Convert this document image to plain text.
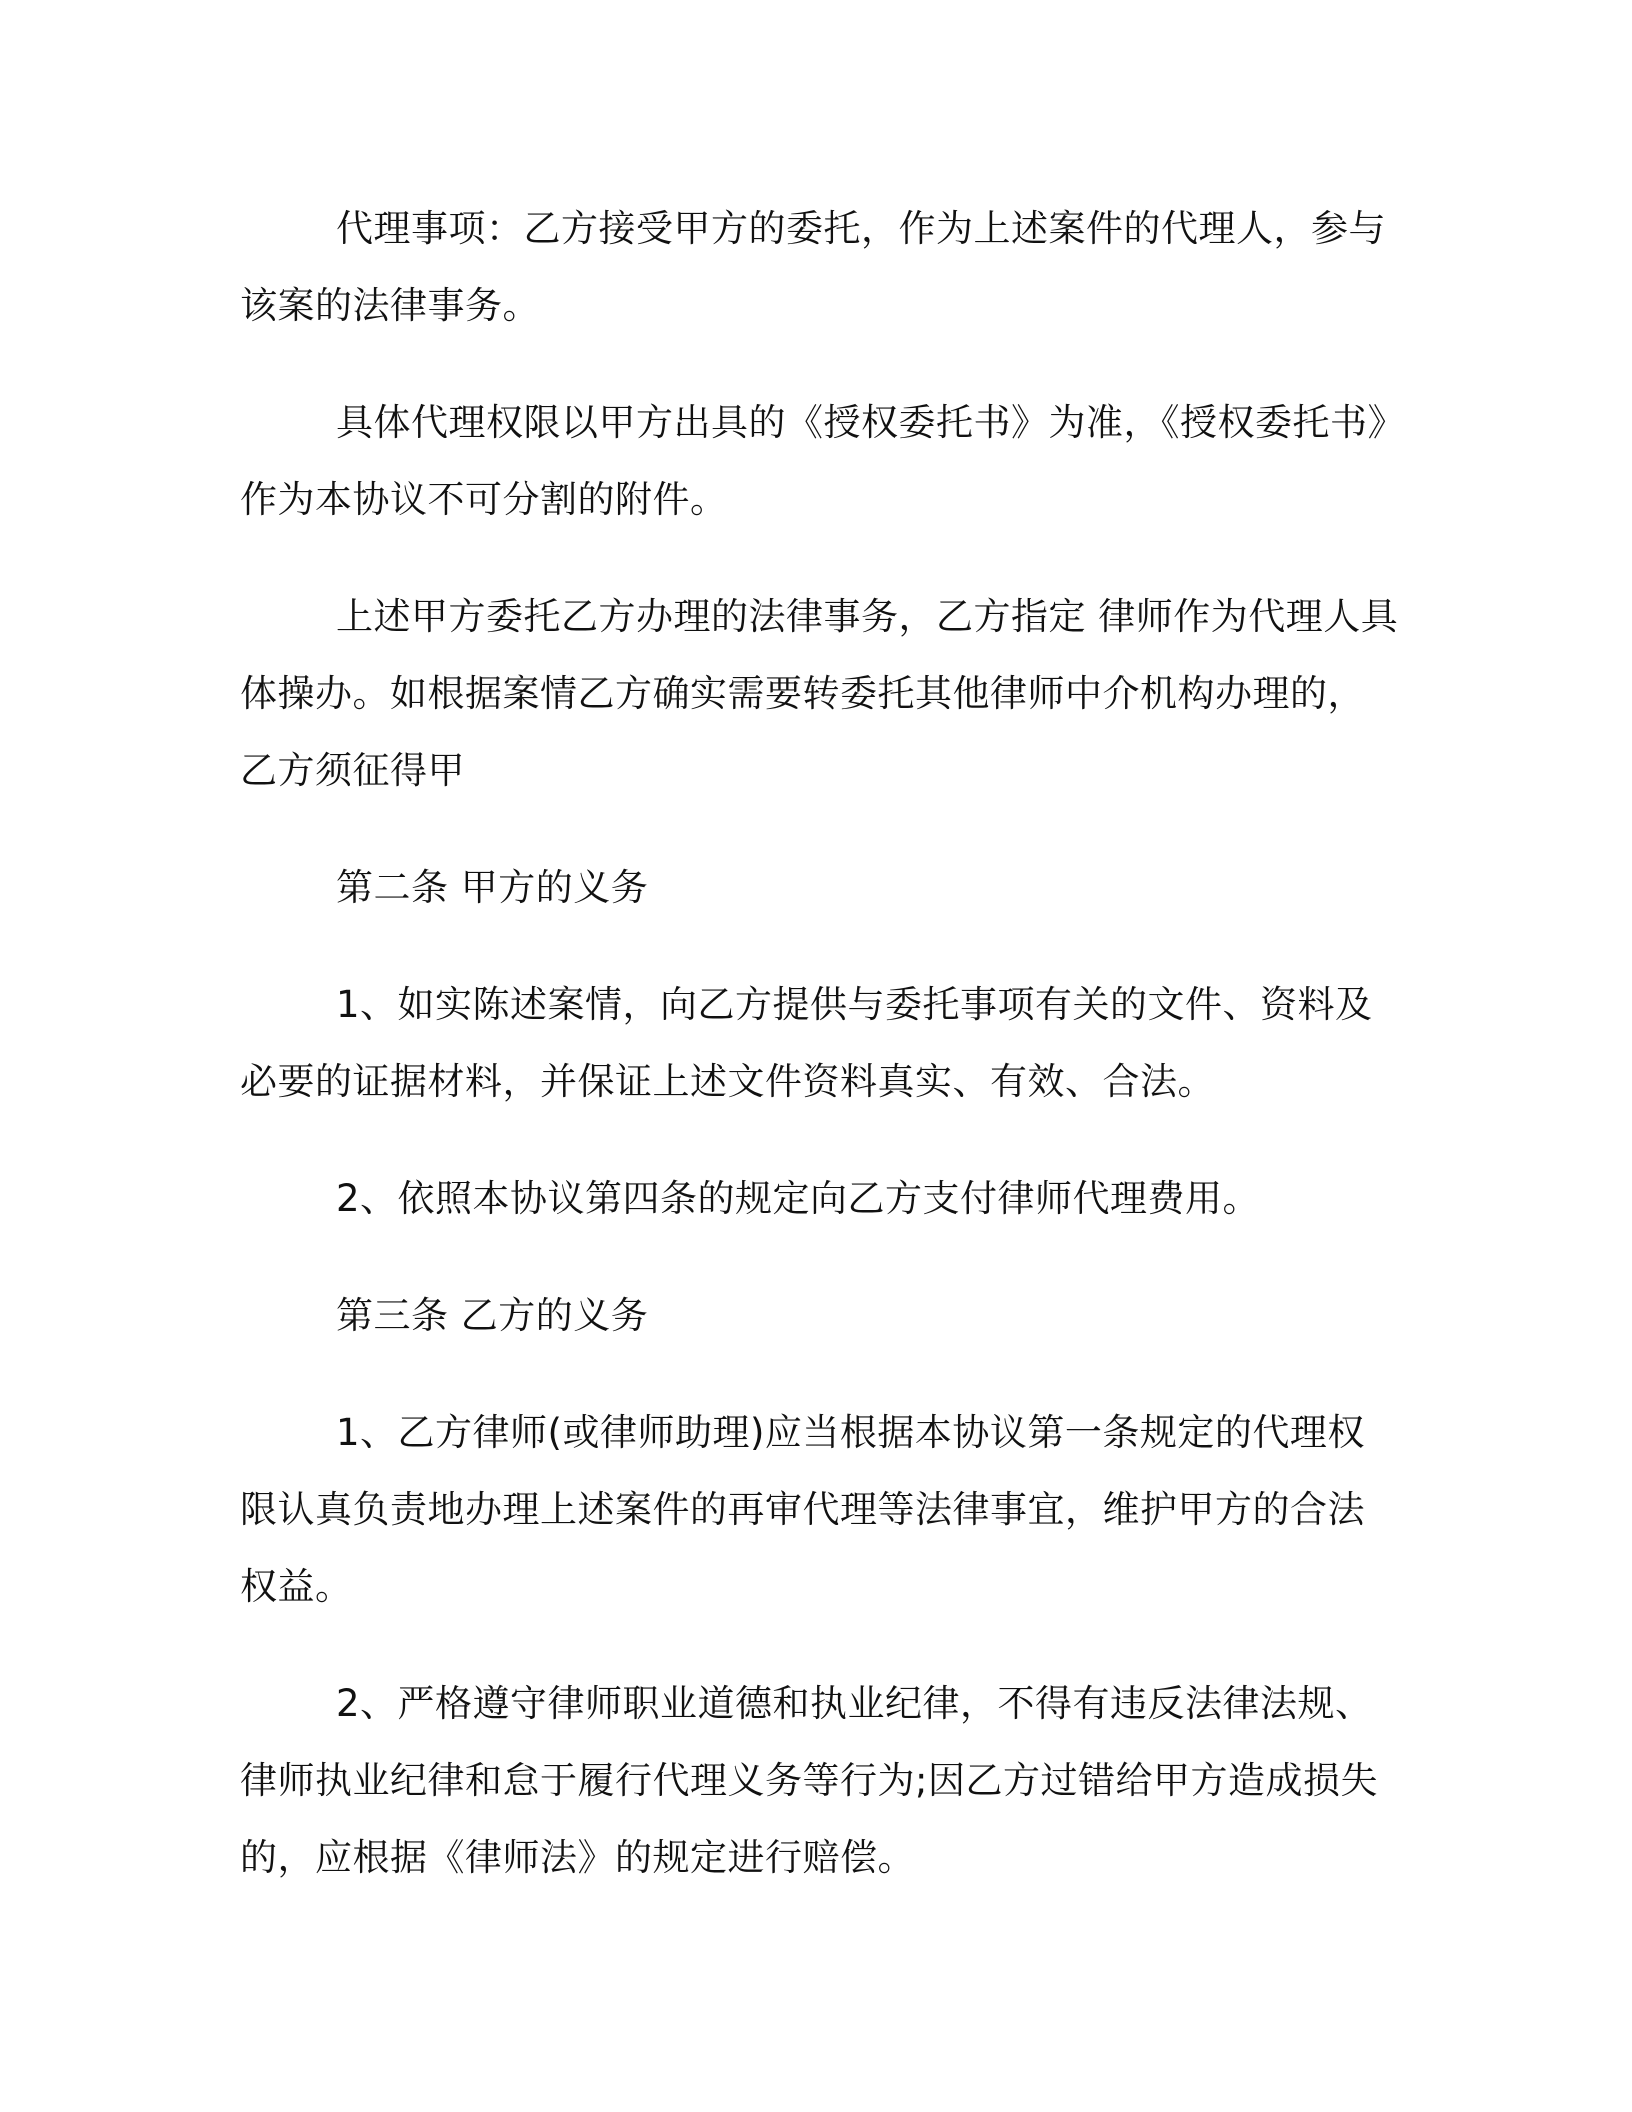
代理事项：乙方接受甲方的委托，作为上述案件的代理人，参与该案的法律事务。

具体代理权限以甲方出具的《授权委托书》为准，《授权委托书》作为本协议不可分割的附件。

上述甲方委托乙方办理的法律事务，乙方指定 律师作为代理人具体操办。如根据案情乙方确实需要转委托其他律师中介机构办理的，乙方须征得甲

第二条 甲方的义务

1、如实陈述案情，向乙方提供与委托事项有关的文件、资料及必要的证据材料，并保证上述文件资料真实、有效、合法。

2、依照本协议第四条的规定向乙方支付律师代理费用。

第三条 乙方的义务

1、乙方律师(或律师助理)应当根据本协议第一条规定的代理权限认真负责地办理上述案件的再审代理等法律事宜，维护甲方的合法权益。

2、严格遵守律师职业道德和执业纪律，不得有违反法律法规、律师执业纪律和怠于履行代理义务等行为;因乙方过错给甲方造成损失的，应根据《律师法》的规定进行赔偿。
